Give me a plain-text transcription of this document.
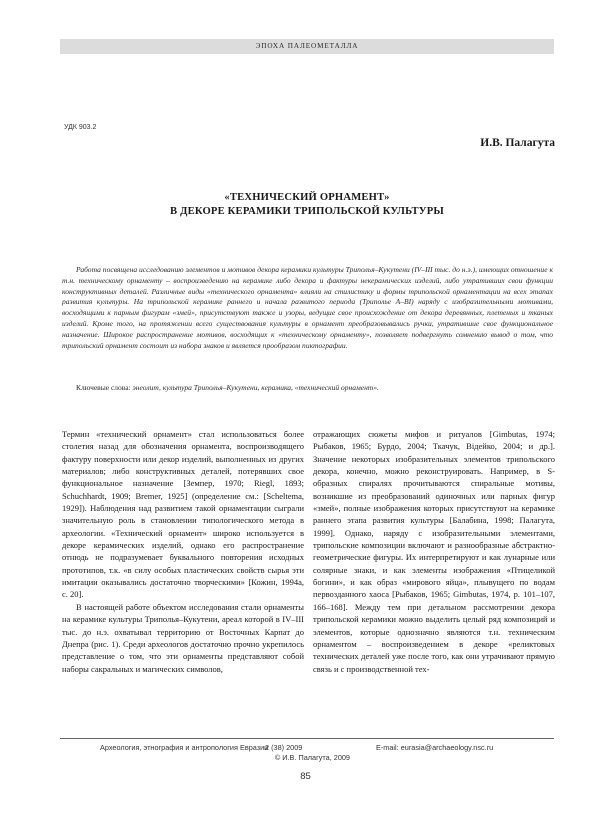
ЭПОХА ПАЛЕОМЕТАЛЛА
УДК 903.2
И.В. Палагута
«ТЕХНИЧЕСКИЙ ОРНАМЕНТ»
В ДЕКОРЕ КЕРАМИКИ ТРИПОЛЬСКОЙ КУЛЬТУРЫ

Работа посвящена исследованию элементов и мотивов декора керамики культуры Триполья–Кукутени (IV–III тыс. до н.э.), имеющих отношение к т.н. техническому орнаменту – воспроизведению на керамике либо декора и фактуры некерамических изделий, либо утративших свои функции конструктивных деталей. Различные виды «технического орнамента» влияли на стилистику и формы трипольской орнаментации на всех этапах развития культуры. На трипольской керамике раннего и начала развитого периода (Триполье А–BI) наряду с изобразительными мотивами, восходящими к парным фигурам «змей», присутствуют также и узоры, ведущие свое происхождение от декора деревянных, плетеных и тканых изделий. Кроме того, на протяжении всего существования культуры в орнамент преобразовывались ручки, утратившие свое функциональное назначение. Широкое распространение мотивов, восходящих к «техническому орнаменту», позволяет подвергнуть сомнению вывод о том, что трипольский орнамент состоит из набора знаков и является прообразом пиктографии.

Ключевые слова: энеолит, культура Триполья–Кукутени, керамика, «технический орнамент».

Термин «технический орнамент» стал использоваться более столетия назад для обозначения орнамента, воспроизводящего фактуру поверхности или декор изделий, выполненных из других материалов; либо конструктивных деталей, потерявших свое функциональное назначение [Земпер, 1970; Riegl, 1893; Schuchhardt, 1909; Bremer, 1925] (определение см.: [Scheltema, 1929]). Наблюдения над развитием такой орнаментации сыграли значительную роль в становлении типологического метода в археологии. «Технический орнамент» широко используется в декоре керамических изделий, однако его распространение отнюдь не подразумевает буквального повторения исходных прототипов, т.к. «в силу особых пластических свойств сырья эти имитации оказывались достаточно творческими» [Кожин, 1994а, с. 20].

В настоящей работе объектом исследования стали орнаменты на керамике культуры Триполья–Кукутени, ареал которой в IV–III тыс. до н.э. охватывал территорию от Восточных Карпат до Днепра (рис. 1). Среди археологов достаточно прочно укрепилось представление о том, что эти орнаменты представляют собой наборы сакральных и магических символов,

отражающих сюжеты мифов и ритуалов [Gimbutas, 1974; Рыбаков, 1965; Бурдо, 2004; Ткачук, Відейко, 2004; и др.]. Значение некоторых изобразительных элементов трипольского декора, конечно, можно реконструировать. Например, в S-образных спиралях прочитываются спиральные мотивы, возникшие из преобразований одиночных или парных фигур «змей», полные изображения которых присутствуют на керамике раннего этапа развития культуры [Балабина, 1998; Палагута, 1999]. Однако, наряду с изобразительными элементами, трипольские композиции включают и разнообразные абстрактно-геометрические фигуры. Их интерпретируют и как лунарные или солярные знаки, и как элементы изображения «Птицеликой богини», и как образ «мирового яйца», плывущего по водам первозданного хаоса [Рыбаков, 1965; Gimbutas, 1974, p. 101–107, 166–168]. Между тем при детальном рассмотрении декора трипольской керамики можно выделить целый ряд композиций и элементов, которые однозначно являются т.н. техническим орнаментом – воспроизведением в декоре «реликтовых технических деталей уже после того, как они утрачивают прямую связь и с производственной тех-

Археология, этнография и антропология Евразии
2 (38) 2009	E-mail: eurasia@archaeology.nsc.ru
© И.В. Палагута, 2009
85
